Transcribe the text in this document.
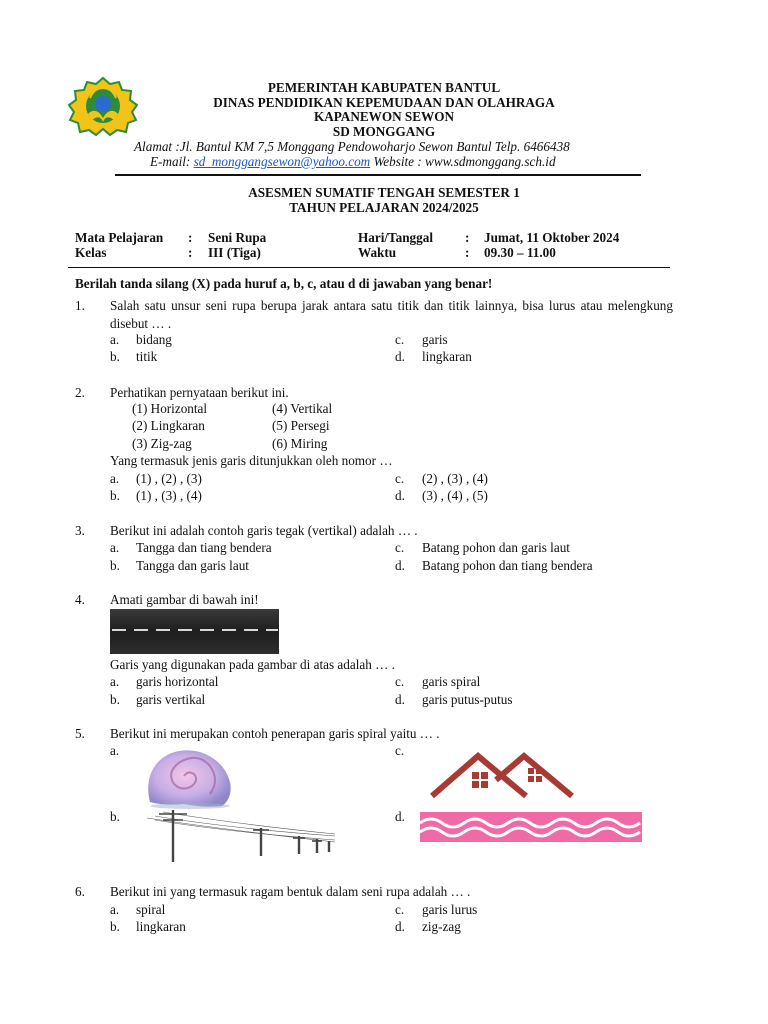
PEMERINTAH KABUPATEN BANTUL
DINAS PENDIDIKAN KEPEMUDAAN DAN OLAHRAGA
KAPANEWON SEWON
SD MONGGANG
Alamat :Jl. Bantul KM 7,5 Monggang Pendowoharjo Sewon Bantul Telp. 6466438
E-mail: sd_monggangsewon@yahoo.com Website : www.sdmonggang.sch.id
ASESMEN SUMATIF TENGAH SEMESTER 1
TAHUN PELAJARAN 2024/2025
Mata Pelajaran : Seni Rupa	Hari/Tanggal : Jumat, 11 Oktober 2024
Kelas	: III (Tiga)	Waktu	: 09.30 – 11.00
Berilah tanda silang (X) pada huruf a, b, c, atau d di jawaban yang benar!
1. Salah satu unsur seni rupa berupa jarak antara satu titik dan titik lainnya, bisa lurus atau melengkung disebut … .
a. bidang
b. titik
c. garis
d. lingkaran
2. Perhatikan pernyataan berikut ini.
(1) Horizontal	(4) Vertikal
(2) Lingkaran	(5) Persegi
(3) Zig-zag	(6) Miring
Yang termasuk jenis garis ditunjukkan oleh nomor …
a. (1) , (2) , (3)
b. (1) , (3) , (4)
c. (2) , (3) , (4)
d. (3) , (4) , (5)
3. Berikut ini adalah contoh garis tegak (vertikal) adalah … .
a. Tangga dan tiang bendera
b. Tangga dan garis laut
c. Batang pohon dan garis laut
d. Batang pohon dan tiang bendera
4. Amati gambar di bawah ini!
Garis yang digunakan pada gambar di atas adalah … .
a. garis horizontal
b. garis vertikal
c. garis spiral
d. garis putus-putus
5. Berikut ini merupakan contoh penerapan garis spiral yaitu … .
a.	c.
b.	d.
6. Berikut ini yang termasuk ragam bentuk dalam seni rupa adalah … .
a. spiral
b. lingkaran
c. garis lurus
d. zig-zag
